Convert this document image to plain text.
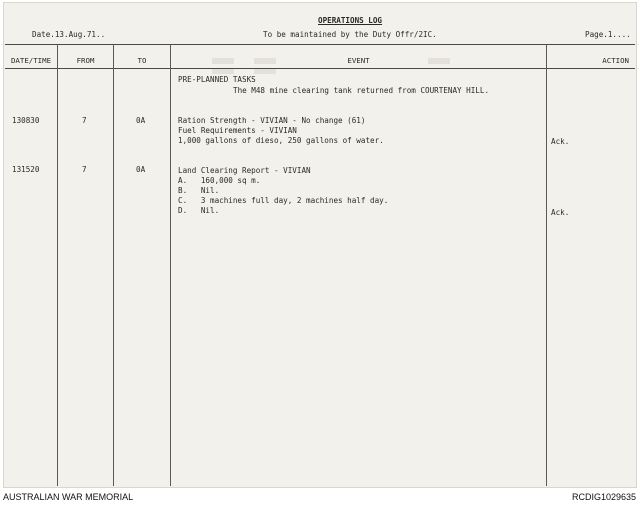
OPERATIONS LOG
Date.13.Aug.71..	To be maintained by the Duty Offr/2IC.	Page.1....
DATE/TIME	FROM	TO	EVENT	ACTION
PRE-PLANNED TASKS
The M48 mine clearing tank returned from COURTENAY HILL.
130830	7	0A	Ration Strength - VIVIAN - No change (61)
Fuel Requirements - VIVIAN
1,000 gallons of dieso, 250 gallons of water.	Ack.
131520	7	0A	Land Clearing Report - VIVIAN
A.   160,000 sq m.
B.   Nil.
C.   3 machines full day, 2 machines half day.
D.   Nil.	Ack.
AUSTRALIAN WAR MEMORIAL	RCDIG1029635
